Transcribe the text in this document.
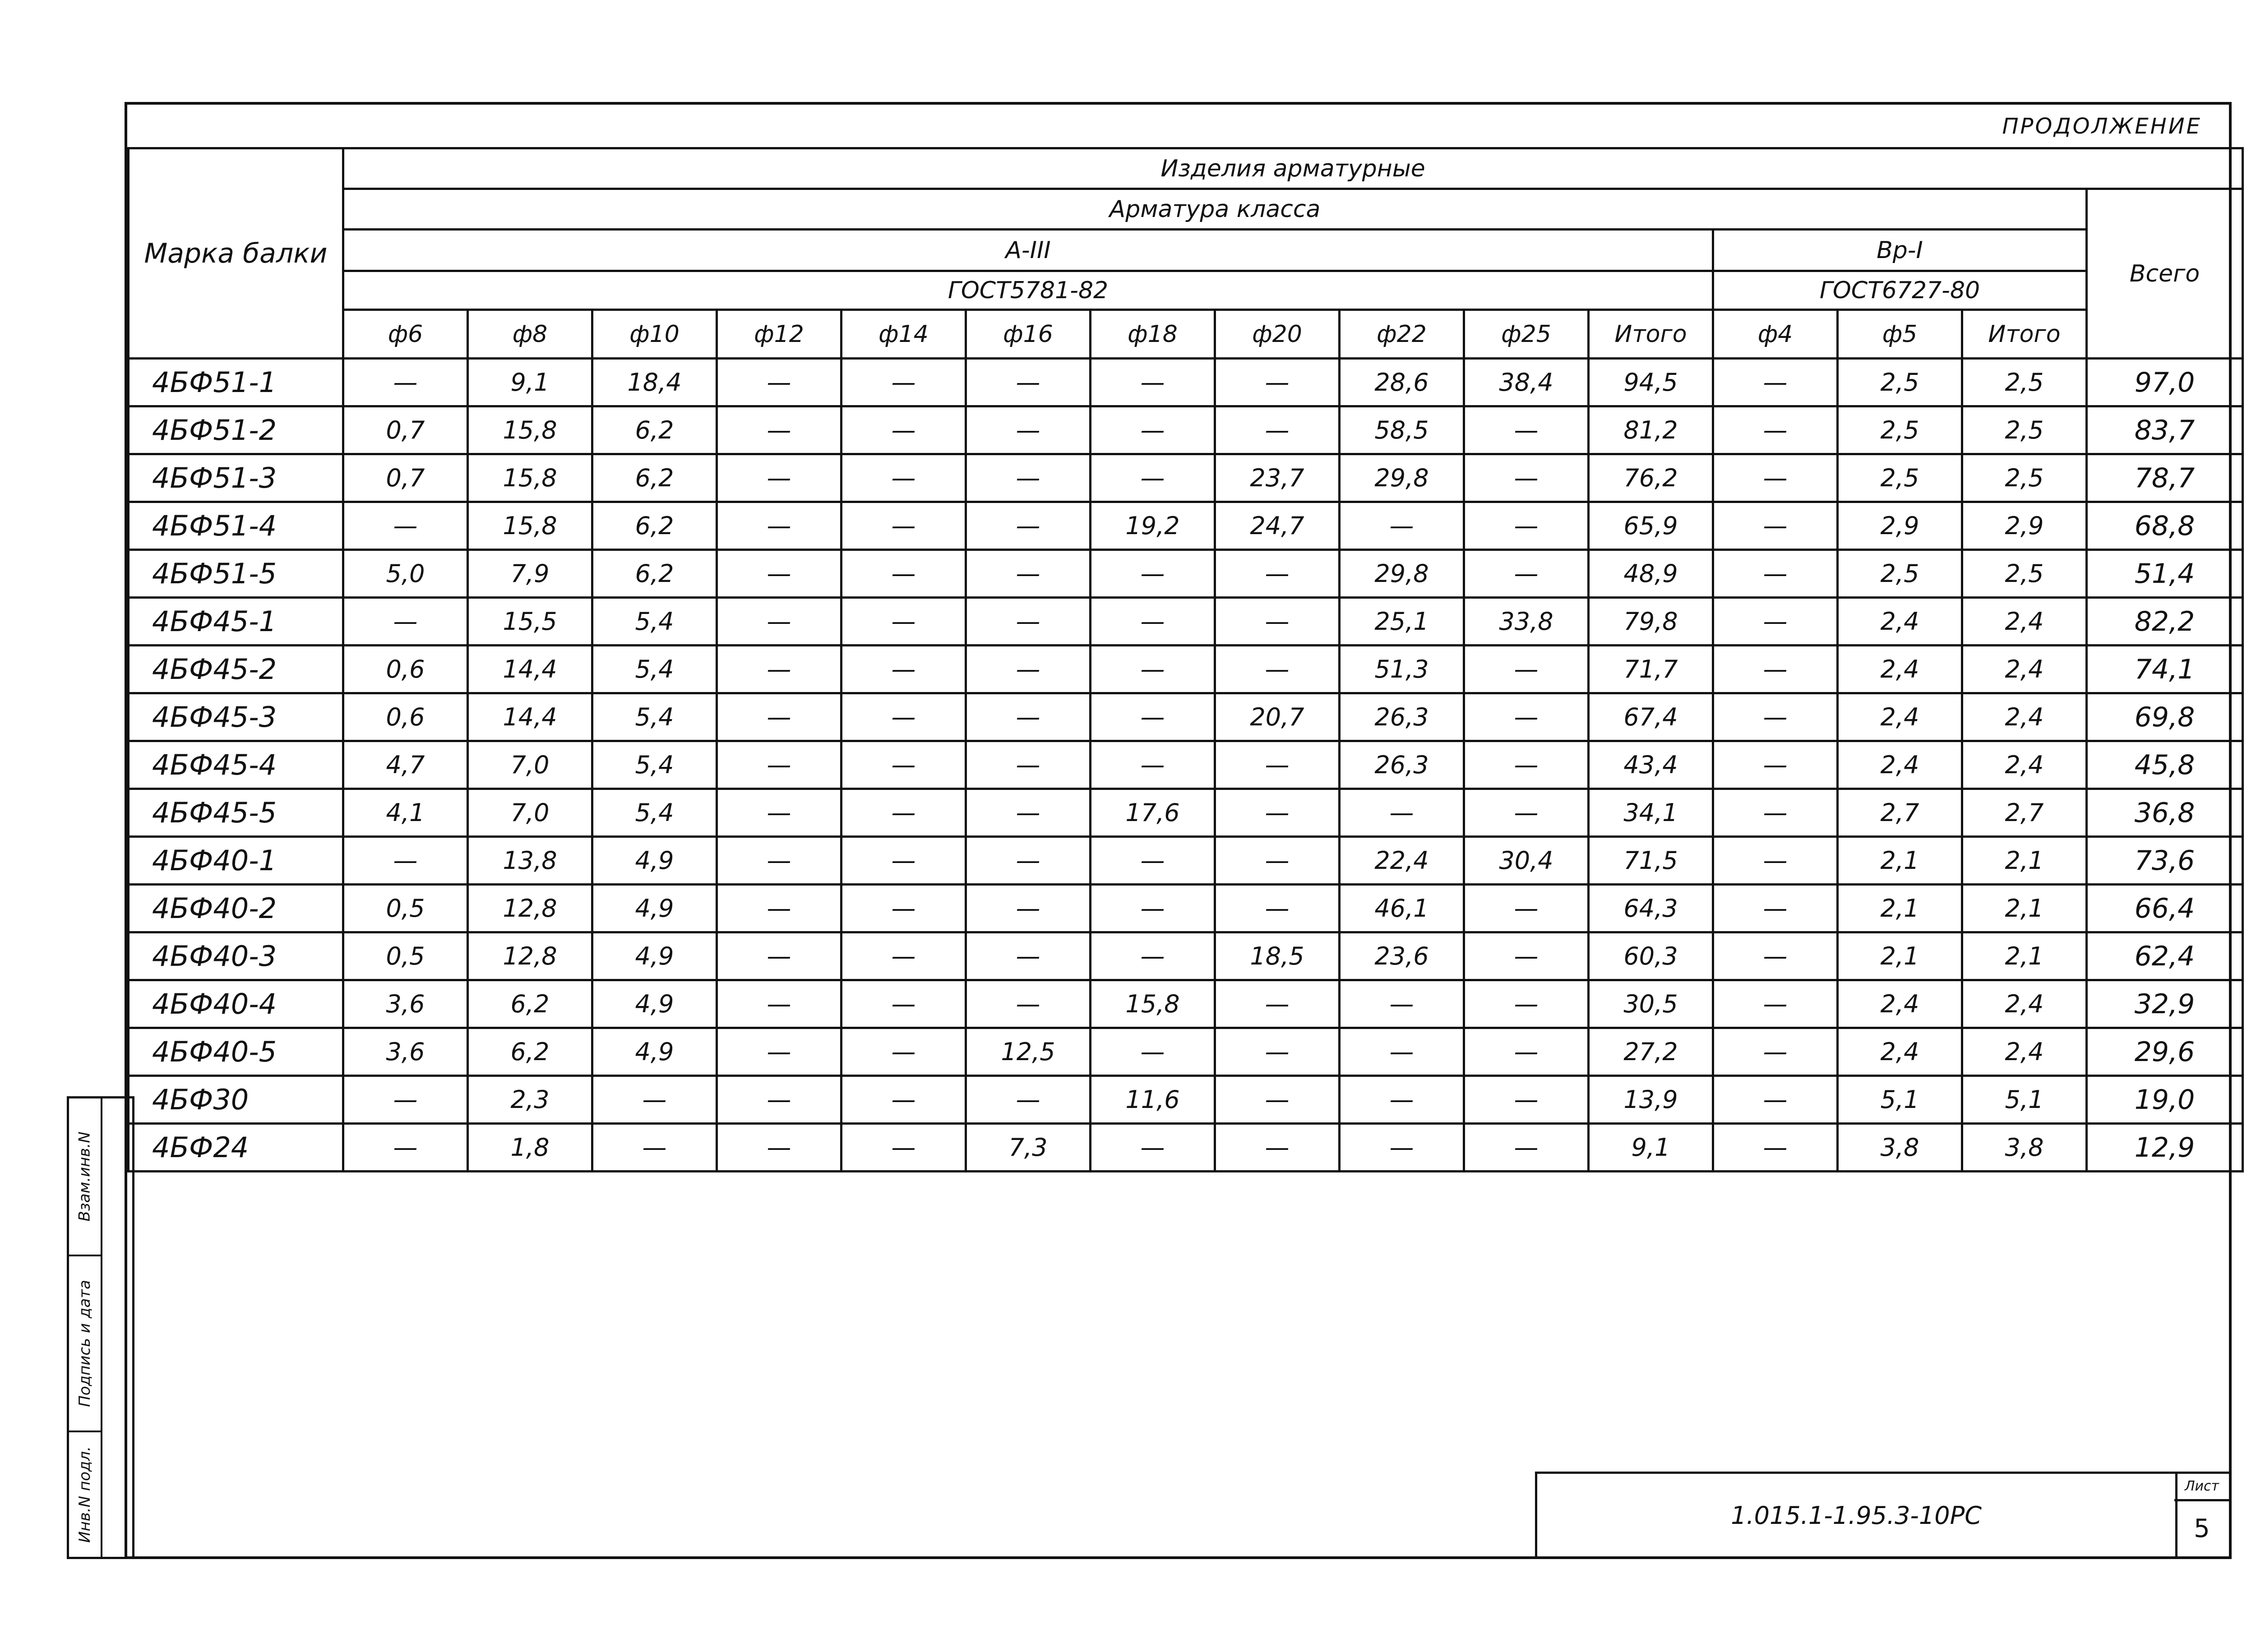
ПРОДОЛЖЕНИЕ
Марка балки	Изделия арматурные														
	Арматура класса														Всего
	А-III											Вр-I			
	ГОСТ5781-82											ГОСТ6727-80			
	ф6	ф8	ф10	ф12	ф14	ф16	ф18	ф20	ф22	ф25	Итого	ф4	ф5	Итого	
4БФ51-1	—	9,1	18,4	—	—	—	—	—	28,6	38,4	94,5	—	2,5	2,5	97,0
4БФ51-2	0,7	15,8	6,2	—	—	—	—	—	58,5	—	81,2	—	2,5	2,5	83,7
4БФ51-3	0,7	15,8	6,2	—	—	—	—	23,7	29,8	—	76,2	—	2,5	2,5	78,7
4БФ51-4	—	15,8	6,2	—	—	—	19,2	24,7	—	—	65,9	—	2,9	2,9	68,8
4БФ51-5	5,0	7,9	6,2	—	—	—	—	—	29,8	—	48,9	—	2,5	2,5	51,4
4БФ45-1	—	15,5	5,4	—	—	—	—	—	25,1	33,8	79,8	—	2,4	2,4	82,2
4БФ45-2	0,6	14,4	5,4	—	—	—	—	—	51,3	—	71,7	—	2,4	2,4	74,1
4БФ45-3	0,6	14,4	5,4	—	—	—	—	20,7	26,3	—	67,4	—	2,4	2,4	69,8
4БФ45-4	4,7	7,0	5,4	—	—	—	—	—	26,3	—	43,4	—	2,4	2,4	45,8
4БФ45-5	4,1	7,0	5,4	—	—	—	17,6	—	—	—	34,1	—	2,7	2,7	36,8
4БФ40-1	—	13,8	4,9	—	—	—	—	—	22,4	30,4	71,5	—	2,1	2,1	73,6
4БФ40-2	0,5	12,8	4,9	—	—	—	—	—	46,1	—	64,3	—	2,1	2,1	66,4
4БФ40-3	0,5	12,8	4,9	—	—	—	—	18,5	23,6	—	60,3	—	2,1	2,1	62,4
4БФ40-4	3,6	6,2	4,9	—	—	—	15,8	—	—	—	30,5	—	2,4	2,4	32,9
4БФ40-5	3,6	6,2	4,9	—	—	12,5	—	—	—	—	27,2	—	2,4	2,4	29,6
4БФ30	—	2,3	—	—	—	—	11,6	—	—	—	13,9	—	5,1	5,1	19,0
4БФ24	—	1,8	—	—	—	7,3	—	—	—	—	9,1	—	3,8	3,8	12,9
Взам.инв.N
Подпись и дата
Инв.N подл.	1.015.1-1.95.3-10РС
Лист
5
